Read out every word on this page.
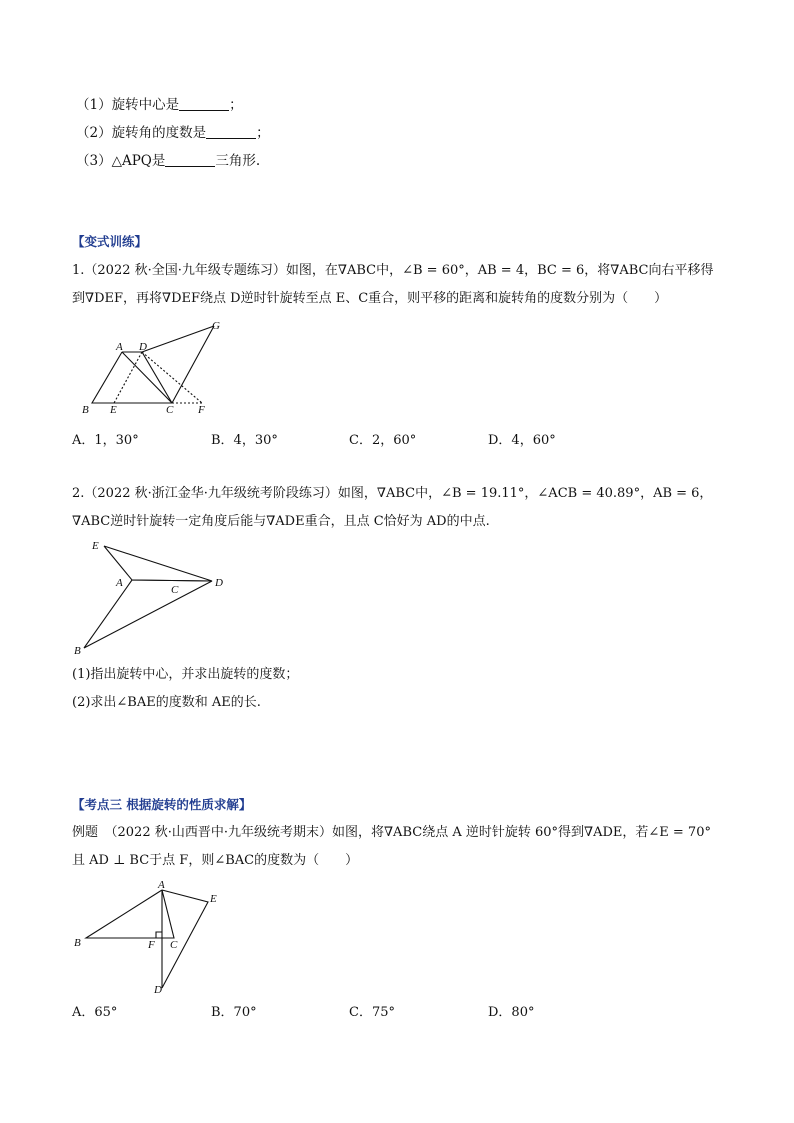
（1）旋转中心是	；
（2）旋转角的度数是	；
（3）△APQ是	三角形.
【变式训练】
1.（2022 秋·全国·九年级专题练习）如图，在∇ABC中，∠B = 60°，AB = 4，BC = 6，将∇ABC向右平移得
到∇DEF，再将∇DEF绕点 D逆时针旋转至点 E、C重合，则平移的距离和旋转角的度数分别为（　　）
A D
G
B E	C F
A．1，30°	B．4，30°	C．2，60°	D．4，60°
2.（2022 秋·浙江金华·九年级统考阶段练习）如图，∇ABC中，∠B = 19.11°，∠ACB = 40.89°，AB = 6，
∇ABC逆时针旋转一定角度后能与∇ADE重合，且点 C恰好为 AD的中点.
E
A
C
D
B
(1)指出旋转中心，并求出旋转的度数；
(2)求出∠BAE的度数和 AE的长.
【考点三 根据旋转的性质求解】
例题　（2022 秋·山西晋中·九年级统考期末）如图，将∇ABC绕点 A 逆时针旋转 60°得到∇ADE，若∠E = 70°
且 AD ⊥ BC于点 F，则∠BAC的度数为（　　）
A
E
B	F C
D
A．65°	B．70°	C．75°	D．80°
